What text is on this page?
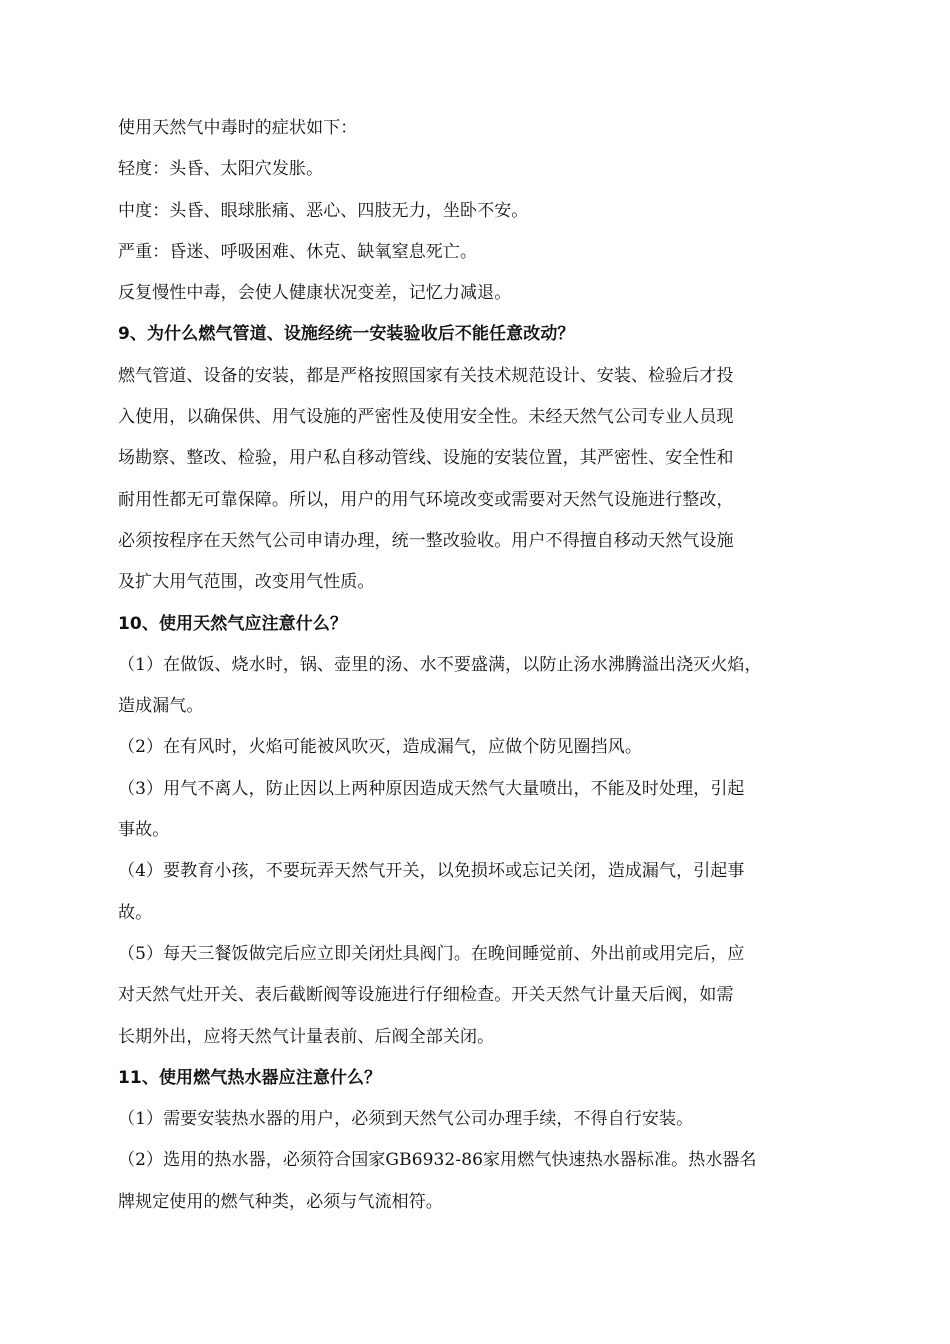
使用天然气中毒时的症状如下：
轻度：头昏、太阳穴发胀。
中度：头昏、眼球胀痛、恶心、四肢无力，坐卧不安。
严重：昏迷、呼吸困难、休克、缺氧窒息死亡。
反复慢性中毒，会使人健康状况变差，记忆力减退。
9、为什么燃气管道、设施经统一安装验收后不能任意改动？
燃气管道、设备的安装，都是严格按照国家有关技术规范设计、安装、检验后才投
入使用，以确保供、用气设施的严密性及使用安全性。未经天然气公司专业人员现
场勘察、整改、检验，用户私自移动管线、设施的安装位置，其严密性、安全性和
耐用性都无可靠保障。所以，用户的用气环境改变或需要对天然气设施进行整改，
必须按程序在天然气公司申请办理，统一整改验收。用户不得擅自移动天然气设施
及扩大用气范围，改变用气性质。
10、使用天然气应注意什么？
（1）在做饭、烧水时，锅、壶里的汤、水不要盛满，以防止汤水沸腾溢出浇灭火焰，
造成漏气。
（2）在有风时，火焰可能被风吹灭，造成漏气，应做个防见圈挡风。
（3）用气不离人，防止因以上两种原因造成天然气大量喷出，不能及时处理，引起
事故。
（4）要教育小孩，不要玩弄天然气开关，以免损坏或忘记关闭，造成漏气，引起事
故。
（5）每天三餐饭做完后应立即关闭灶具阀门。在晚间睡觉前、外出前或用完后，应
对天然气灶开关、表后截断阀等设施进行仔细检查。开关天然气计量天后阀，如需
长期外出，应将天然气计量表前、后阀全部关闭。
11、使用燃气热水器应注意什么？
（1）需要安装热水器的用户，必须到天然气公司办理手续，不得自行安装。
（2）选用的热水器，必须符合国家GB6932-86家用燃气快速热水器标准。热水器名
牌规定使用的燃气种类，必须与气流相符。
